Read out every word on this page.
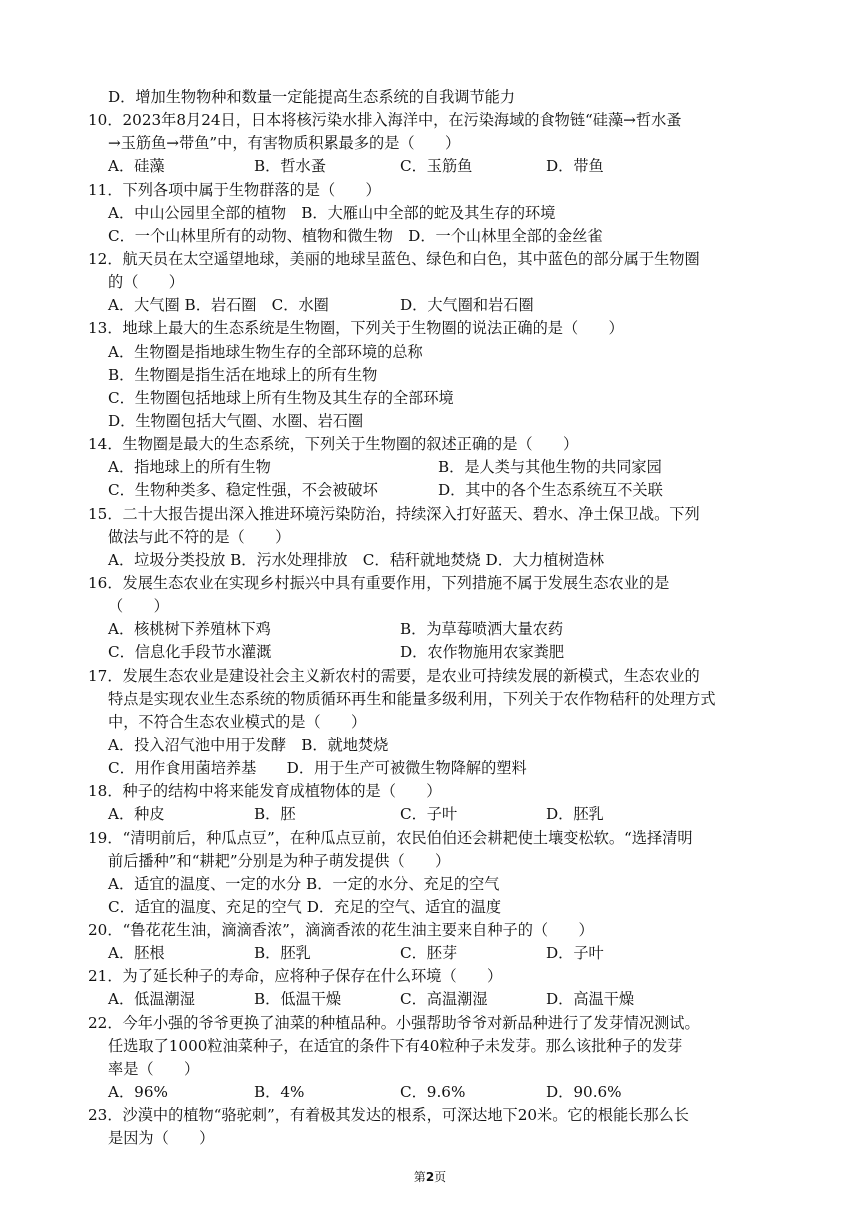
D．增加生物物种和数量一定能提高生态系统的自我调节能力
10．2023年8月24日，日本将核污染水排入海洋中，在污染海域的食物链“硅藻→哲水蚤
→玉筋鱼→带鱼”中，有害物质积累最多的是（　　）
A．硅藻	B．哲水蚤	C．玉筋鱼	D．带鱼
11．下列各项中属于生物群落的是（　　）
A．中山公园里全部的植物　B．大雁山中全部的蛇及其生存的环境
C．一个山林里所有的动物、植物和微生物　D．一个山林里全部的金丝雀
12．航天员在太空遥望地球，美丽的地球呈蓝色、绿色和白色，其中蓝色的部分属于生物圈
的（　　）
A．大气圈 B．岩石圈　C．水圈	D．大气圈和岩石圈
13．地球上最大的生态系统是生物圈，下列关于生物圈的说法正确的是（　　）
A．生物圈是指地球生物生存的全部环境的总称
B．生物圈是指生活在地球上的所有生物
C．生物圈包括地球上所有生物及其生存的全部环境
D．生物圈包括大气圈、水圈、岩石圈
14．生物圈是最大的生态系统，下列关于生物圈的叙述正确的是（　　）
A．指地球上的所有生物	B．是人类与其他生物的共同家园
C．生物种类多、稳定性强，不会被破坏	D．其中的各个生态系统互不关联
15．二十大报告提出深入推进环境污染防治，持续深入打好蓝天、碧水、净土保卫战。下列
做法与此不符的是（　　）
A．垃圾分类投放 B．污水处理排放　C．秸秆就地焚烧 D．大力植树造林
16．发展生态农业在实现乡村振兴中具有重要作用，下列措施不属于发展生态农业的是
（　　）
A．核桃树下养殖林下鸡	B．为草莓喷洒大量农药
C．信息化手段节水灌溉	D．农作物施用农家粪肥
17．发展生态农业是建设社会主义新农村的需要，是农业可持续发展的新模式，生态农业的
特点是实现农业生态系统的物质循环再生和能量多级利用，下列关于农作物秸秆的处理方式
中，不符合生态农业模式的是（　　）
A．投入沼气池中用于发酵　B．就地焚烧
C．用作食用菌培养基　　D．用于生产可被微生物降解的塑料
18．种子的结构中将来能发育成植物体的是（　　）
A．种皮	B．胚	C．子叶	D．胚乳
19．“清明前后，种瓜点豆”，在种瓜点豆前，农民伯伯还会耕耙使土壤变松软。“选择清明
前后播种”和“耕耙”分别是为种子萌发提供（　　）
A．适宜的温度、一定的水分 B．一定的水分、充足的空气
C．适宜的温度、充足的空气 D．充足的空气、适宜的温度
20．“鲁花花生油，滴滴香浓”，滴滴香浓的花生油主要来自种子的（　　）
A．胚根	B．胚乳	C．胚芽	D．子叶
21．为了延长种子的寿命，应将种子保存在什么环境（　　）
A．低温潮湿	B．低温干燥	C．高温潮湿	D．高温干燥
22．今年小强的爷爷更换了油菜的种植品种。小强帮助爷爷对新品种进行了发芽情况测试。
任选取了1000粒油菜种子，在适宜的条件下有40粒种子未发芽。那么该批种子的发芽
率是（　　）
A．96%	B．4%	C．9.6%	D．90.6%
23．沙漠中的植物“骆驼刺”，有着极其发达的根系，可深达地下20米。它的根能长那么长
是因为（　　）
第2页
